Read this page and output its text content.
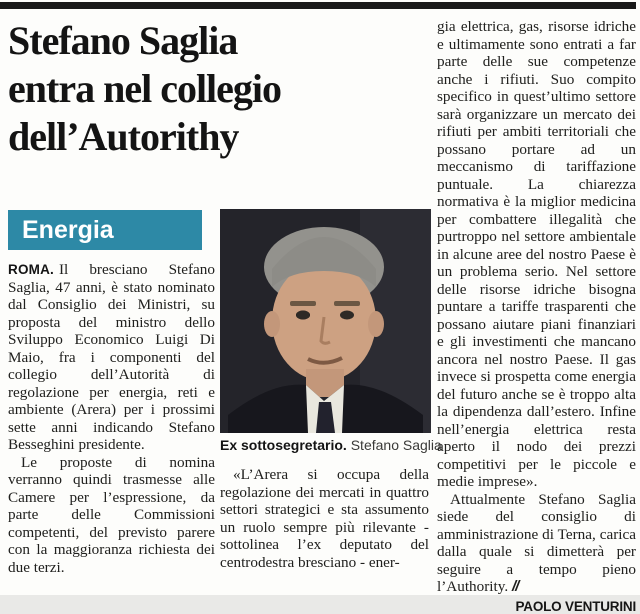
Stefano Saglia
entra nel collegio
dell’Autorithy
Energia

ROMA. Il bresciano Stefano Saglia, 47 anni, è stato nominato dal Consiglio dei Ministri, su proposta del ministro dello Sviluppo Economico Luigi Di Maio, fra i componenti del collegio dell’Autorità di regolazione per energia, reti e ambiente (Arera) per i prossimi sette anni indicando Stefano Besseghini presidente.

Le proposte di nomina verranno quindi trasmesse alle Camere per l’espressione, da parte delle Commissioni competenti, del previsto parere con la maggioranza richiesta dei due terzi.

Ex sottosegretario. Stefano Saglia

«L’Arera si occupa della regolazione dei mercati in quattro settori strategici e sta assumento un ruolo sempre più rilevante - sottolinea l’ex deputato del centrodestra bresciano - ener-

gia elettrica, gas, risorse idriche e ultimamente sono entrati a far parte delle sue competenze anche i rifiuti. Suo compito specifico in quest’ultimo settore sarà organizzare un mercato dei rifiuti per ambiti territoriali che possano portare ad un meccanismo di tariffazione puntuale. La chiarezza normativa è la miglior medicina per combattere illegalità che purtroppo nel settore ambientale in alcune aree del nostro Paese è un problema serio. Nel settore delle risorse idriche bisogna puntare a tariffe trasparenti che possano aiutare piani finanziari e gli investimenti che mancano ancora nel nostro Paese. Il gas invece si prospetta come energia del futuro anche se è troppo alta la dipendenza dall’estero. Infine nell’energia elettrica resta aperto il nodo dei prezzi competitivi per le piccole e medie imprese».

Attualmente Stefano Saglia siede del consiglio di amministrazione di Terna, carica dalla quale si dimetterà per seguire a tempo pieno l’Authority. //

PAOLO VENTURINI
